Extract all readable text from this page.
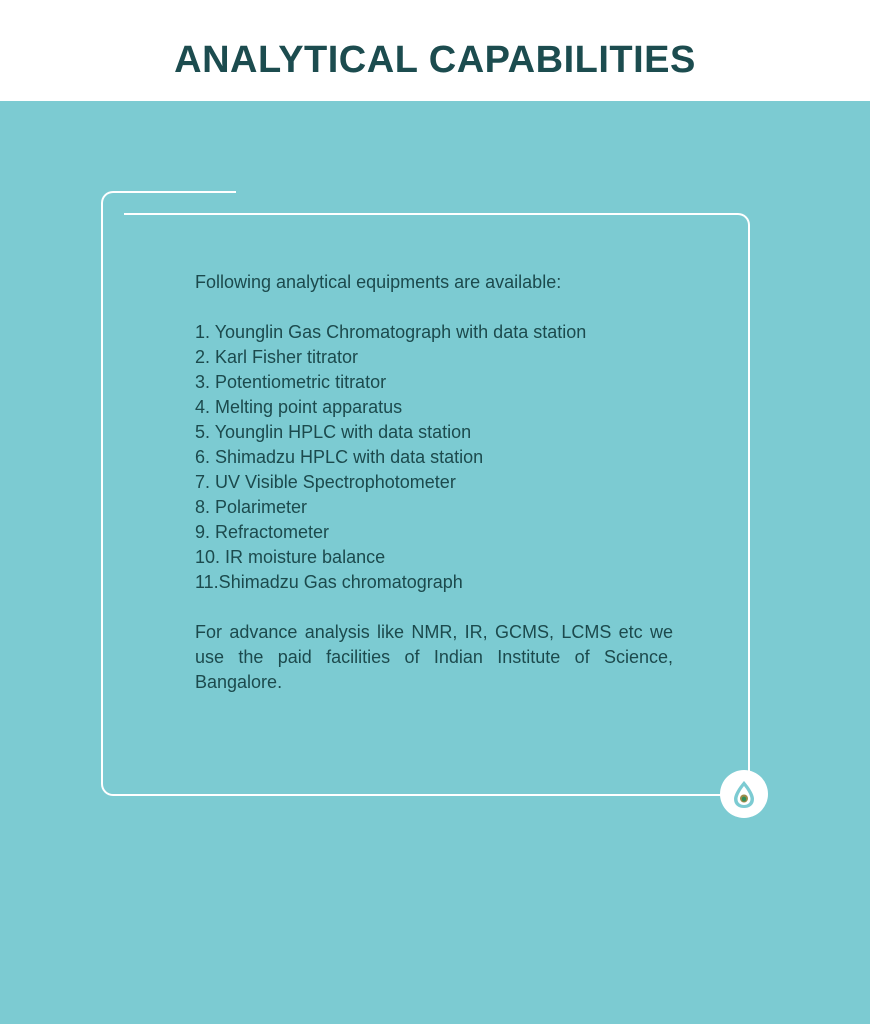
ANALYTICAL CAPABILITIES

Following analytical equipments are available:

1. Younglin Gas Chromatograph with data station
2. Karl Fisher titrator
3. Potentiometric titrator
4. Melting point apparatus
5. Younglin HPLC with data station
6. Shimadzu HPLC with data station
7. UV Visible Spectrophotometer
8. Polarimeter
9. Refractometer
10. IR moisture balance
11.Shimadzu Gas chromatograph

For advance analysis like NMR, IR, GCMS, LCMS etc we use the paid facilities of Indian Institute of Science, Bangalore.
